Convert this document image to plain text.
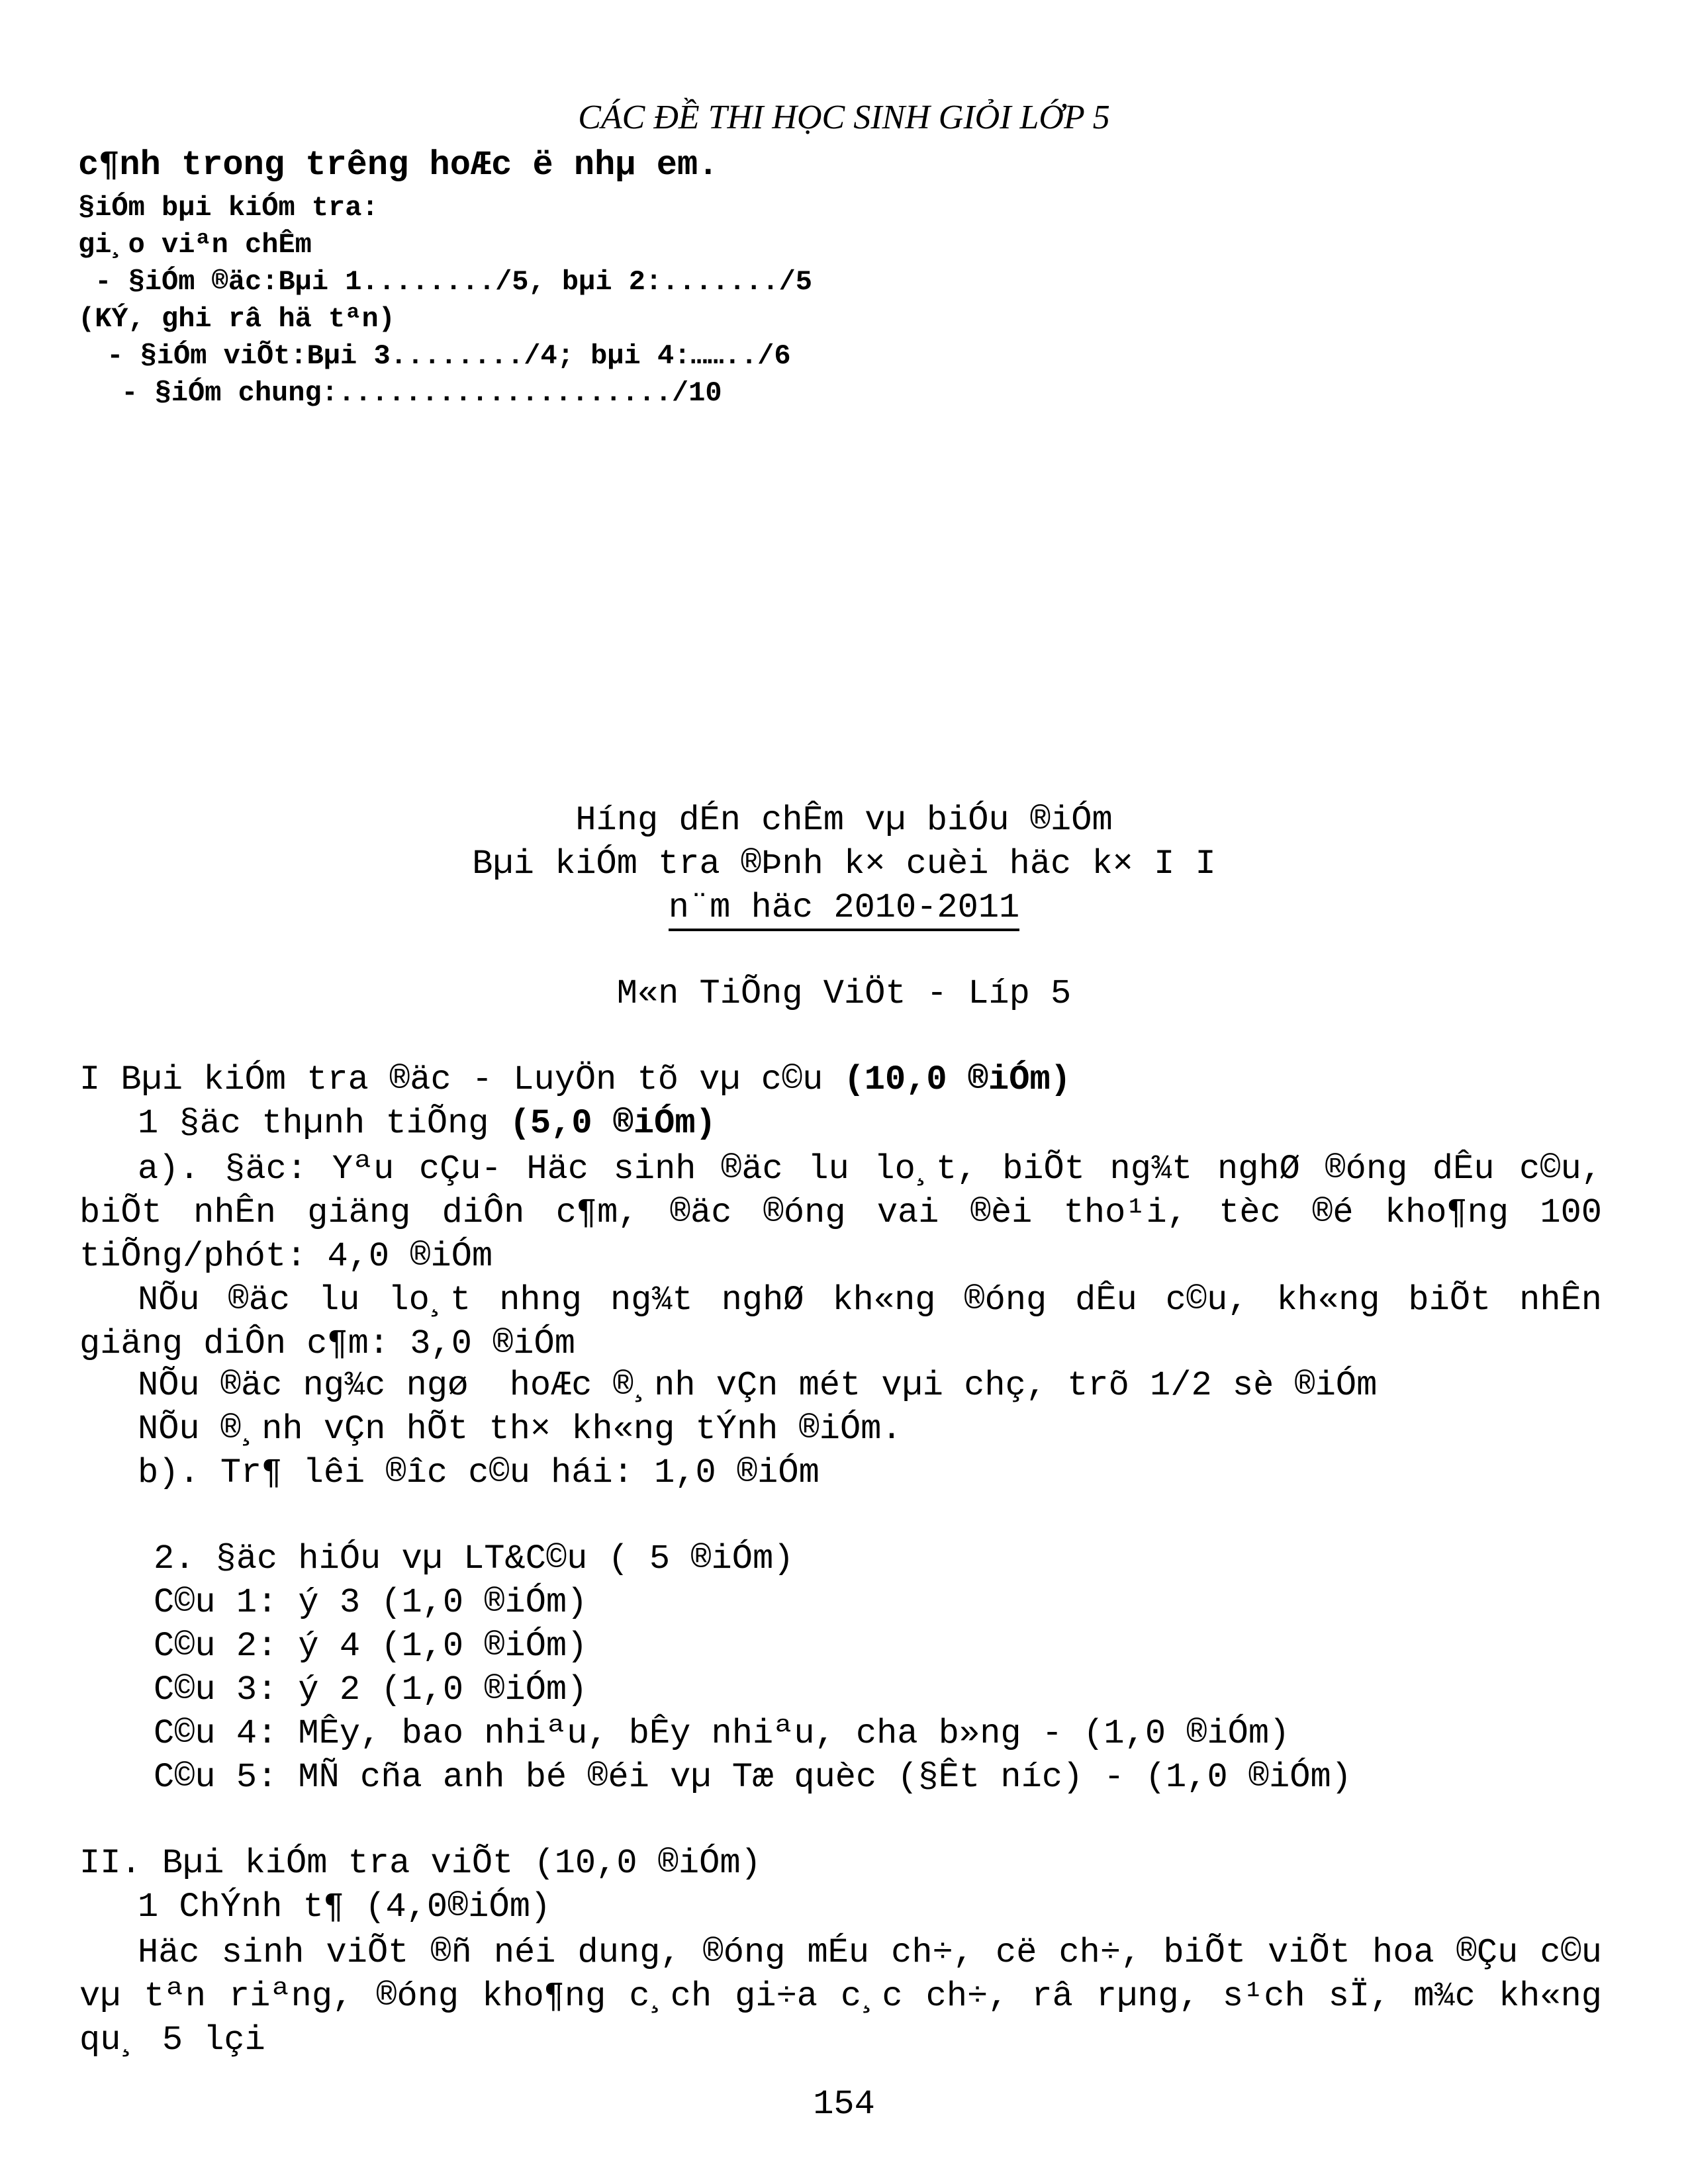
CÁC ĐỀ THI HỌC SINH GIỎI LỚP 5
c¶nh trong trêng hoÆc ë nhµ em.
§iÓm bµi kiÓm tra:
gi¸o viªn chÊm
- §iÓm ®äc:Bµi 1......../5, bµi 2:......./5
(KÝ, ghi râ hä tªn)
- §iÓm viÕt:Bµi 3......../4; bµi 4:……../6
- §iÓm chung:..................../10
Híng dÉn chÊm vµ biÓu ®iÓm
Bµi kiÓm tra ®Þnh k× cuèi häc k× I I
n¨m häc 2010-2011
M«n TiÕng ViÖt - Líp 5
I Bµi kiÓm tra ®äc - LuyÖn tõ vµ c©u (10,0 ®iÓm)
1 §äc thµnh tiÕng (5,0 ®iÓm)
a). §äc: Yªu cÇu- Häc sinh ®äc lu lo¸t, biÕt ng¾t nghØ ®óng dÊu c©u, biÕt nhÊn giäng diÔn c¶m, ®äc ®óng vai ®èi tho¹i, tèc ®é kho¶ng 100 tiÕng/phót: 4,0 ®iÓm
NÕu ®äc lu lo¸t nhng ng¾t nghØ kh«ng ®óng dÊu c©u, kh«ng biÕt nhÊn giäng diÔn c¶m: 3,0 ®iÓm
NÕu ®äc ng¾c ngø  hoÆc ®¸nh vÇn mét vµi chç, trõ 1/2 sè ®iÓm
NÕu ®¸nh vÇn hÕt th× kh«ng tÝnh ®iÓm.
b). Tr¶ lêi ®îc c©u hái: 1,0 ®iÓm
2. §äc hiÓu vµ LT&C©u ( 5 ®iÓm)
C©u 1: ý 3 (1,0 ®iÓm)
C©u 2: ý 4 (1,0 ®iÓm)
C©u 3: ý 2 (1,0 ®iÓm)
C©u 4: MÊy, bao nhiªu, bÊy nhiªu, cha b»ng - (1,0 ®iÓm)
C©u 5: MÑ cña anh bé ®éi vµ Tæ quèc (§Êt níc) - (1,0 ®iÓm)
II. Bµi kiÓm tra viÕt (10,0 ®iÓm)
1 ChÝnh t¶ (4,0®iÓm)
Häc sinh viÕt ®ñ néi dung, ®óng mÉu ch÷, cë ch÷, biÕt viÕt hoa ®Çu c©u vµ tªn riªng, ®óng kho¶ng c¸ch gi÷a c¸c ch÷, râ rµng, s¹ch sÏ, m¾c kh«ng qu¸ 5 lçi
154
